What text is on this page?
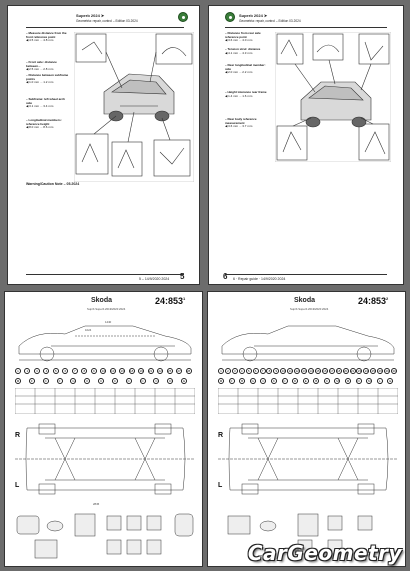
Superb 2024 ➤
Geometria: repair, control – Edition 03.2024
– Measure distance from the front reference point
◀ 4.5 mm ... 4.8 mm
– Front axle: distance between...
◀ 2.5 mm ... 2.8 mm
– Distance between subframe points
◀ 1.0 mm ... 1.2 mm
– Subframe: left wheel arch side
◀ 3.1 mm ... 3.4 mm
– Longitudinal members: reference height
◀ 8.0 mm ... 8.6 mm
Warning/Caution Note – 05.2024
5 – 14/9/2020 2024 5
Superb 2024 ➤
Geometria: repair, control – Edition 03.2024
– Distance from rear axle reference point
◀ 3.6 mm ... 4.0 mm
– Tension strut: distance
◀ 4.1 mm ... 4.3 mm
– Rear longitudinal member: side
◀ 2.0 mm ... 2.2 mm
– Height tolerance rear frame
◀ 1.4 mm ... 1.6 mm
– Rear body reference measurement
◀ 3.6 mm ... 3.7 mm
6 6 · Repair guide · 14/9/2020 2024
Skoda	$24:853^1$
Suprb Superb 2019/2020 2024
1440
1024
1	2	3	4	5	6	7	8	9	10	13	16	18	19	21	22	25	27	28
M	F	C	F	G	K	C	C	C	C	C	D	E
R
L
2845
Skoda	$24:853^2$
Suprb Superb 2019/2020 2024
1	2	3	4	5	6	7	8	9	10	11	12	13	14	15	16	17	18	20	21	23	24	25	26	29	30
M	F	B	G	C	K	C	D	E	B	C	M	M	D	M	L	E
R
L
CarGeometry
